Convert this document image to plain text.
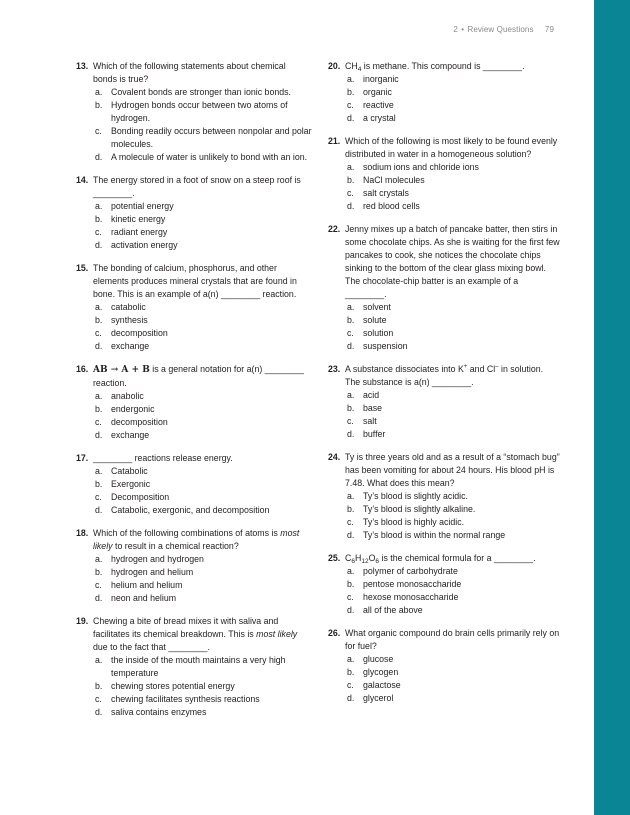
2 • Review Questions 79
13. Which of the following statements about chemical bonds is true?
a. Covalent bonds are stronger than ionic bonds.
b. Hydrogen bonds occur between two atoms of hydrogen.
c. Bonding readily occurs between nonpolar and polar molecules.
d. A molecule of water is unlikely to bond with an ion.
14. The energy stored in a foot of snow on a steep roof is ________.
a. potential energy
b. kinetic energy
c. radiant energy
d. activation energy
15. The bonding of calcium, phosphorus, and other elements produces mineral crystals that are found in bone. This is an example of a(n) ________ reaction.
a. catabolic
b. synthesis
c. decomposition
d. exchange
16. AB → A + B is a general notation for a(n) ________ reaction.
a. anabolic
b. endergonic
c. decomposition
d. exchange
17. ________ reactions release energy.
a. Catabolic
b. Exergonic
c. Decomposition
d. Catabolic, exergonic, and decomposition
18. Which of the following combinations of atoms is most likely to result in a chemical reaction?
a. hydrogen and hydrogen
b. hydrogen and helium
c. helium and helium
d. neon and helium
19. Chewing a bite of bread mixes it with saliva and facilitates its chemical breakdown. This is most likely due to the fact that ________.
a. the inside of the mouth maintains a very high temperature
b. chewing stores potential energy
c. chewing facilitates synthesis reactions
d. saliva contains enzymes
20. $CH_4$ is methane. This compound is ________.
a. inorganic
b. organic
c. reactive
d. a crystal
21. Which of the following is most likely to be found evenly distributed in water in a homogeneous solution?
a. sodium ions and chloride ions
b. NaCl molecules
c. salt crystals
d. red blood cells
22. Jenny mixes up a batch of pancake batter, then stirs in some chocolate chips. As she is waiting for the first few pancakes to cook, she notices the chocolate chips sinking to the bottom of the clear glass mixing bowl. The chocolate-chip batter is an example of a ________.
a. solvent
b. solute
c. solution
d. suspension
23. A substance dissociates into K+ and Cl– in solution. The substance is a(n) ________.
a. acid
b. base
c. salt
d. buffer
24. Ty is three years old and as a result of a “stomach bug” has been vomiting for about 24 hours. His blood pH is 7.48. What does this mean?
a. Ty’s blood is slightly acidic.
b. Ty’s blood is slightly alkaline.
c. Ty’s blood is highly acidic.
d. Ty’s blood is within the normal range
25. $C_6H_{12}O_6$ is the chemical formula for a ________.
a. polymer of carbohydrate
b. pentose monosaccharide
c. hexose monosaccharide
d. all of the above
26. What organic compound do brain cells primarily rely on for fuel?
a. glucose
b. glycogen
c. galactose
d. glycerol
